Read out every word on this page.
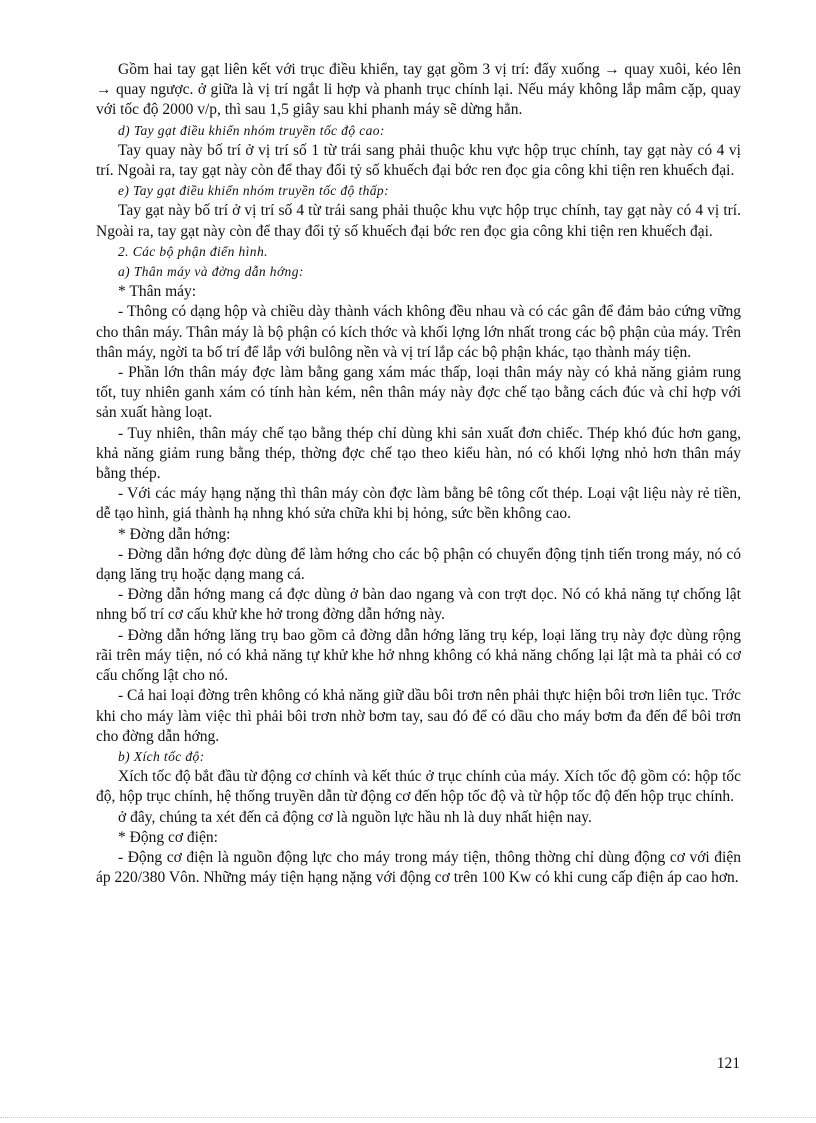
Gồm hai tay gạt liên kết với trục điều khiển, tay gạt gồm 3 vị trí: đẩy xuống → quay xuôi, kéo lên → quay ngược. ở giữa là vị trí ngắt li hợp và phanh trục chính lại. Nếu máy không lắp mâm cặp, quay với tốc độ 2000 v/p, thì sau 1,5 giây sau khi phanh máy sẽ dừng hẳn.

d) Tay gạt điều khiển nhóm truyền tốc độ cao:

Tay quay này bố trí ở vị trí số 1 từ trái sang phải thuộc khu vực hộp trục chính, tay gạt này có 4 vị trí. Ngoài ra, tay gạt này còn để thay đổi tỷ số khuếch đại bớc ren đọc gia công khi tiện ren khuếch đại.

e) Tay gạt điều khiển nhóm truyền tốc độ thấp:

Tay gạt này bố trí ở vị trí số 4 từ trái sang phải thuộc khu vực hộp trục chính, tay gạt này có 4 vị trí. Ngoài ra, tay gạt này còn để thay đổi tỷ số khuếch đại bớc ren đọc gia công khi tiện ren khuếch đại.

2. Các bộ phận điển hình.

a) Thân máy và đờng dẫn hớng:

* Thân máy:

- Thông có dạng hộp và chiều dày thành vách không đều nhau và có các gân để đảm bảo cứng vững cho thân máy. Thân máy là bộ phận có kích thớc và khối lợng lớn nhất trong các bộ phận của máy. Trên thân máy, ngời ta bố trí để lắp với bulông nền và vị trí lắp các bộ phận khác, tạo thành máy tiện.

- Phần lớn thân máy đợc làm bằng gang xám mác thấp, loại thân máy này có khả năng giảm rung tốt, tuy nhiên ganh xám có tính hàn kém, nên thân máy này đợc chế tạo bằng cách đúc và chỉ hợp với sản xuất hàng loạt.

- Tuy nhiên, thân máy chế tạo bằng thép chỉ dùng khi sản xuất đơn chiếc. Thép khó đúc hơn gang, khả năng giảm rung bằng thép, thờng đợc chế tạo theo kiểu hàn, nó có khối lợng nhỏ hơn thân máy bằng thép.

- Với các máy hạng nặng thì thân máy còn đợc làm bằng bê tông cốt thép. Loại vật liệu này rẻ tiền, dễ tạo hình, giá thành hạ nhng khó sửa chữa khi bị hỏng, sức bền không cao.

* Đờng dẫn hớng:

- Đờng dẫn hớng đợc dùng để làm hớng cho các bộ phận có chuyển động tịnh tiến trong máy, nó có dạng lăng trụ hoặc dạng mang cá.

- Đờng dẫn hớng mang cá đợc dùng ở bàn dao ngang và con trợt dọc. Nó có khả năng tự chống lật nhng bố trí cơ cấu khử khe hở trong đờng dẫn hớng này.

- Đờng dẫn hớng lăng trụ bao gồm cả đờng dẫn hớng lăng trụ kép, loại lăng trụ này đợc dùng rộng rãi trên máy tiện, nó có khả năng tự khử khe hở nhng không có khả năng chống lại lật mà ta phải có cơ cấu chống lật cho nó.

- Cả hai loại đờng trên không có khả năng giữ dầu bôi trơn nên phải thực hiện bôi trơn liên tục. Trớc khi cho máy làm việc thì phải bôi trơn nhờ bơm tay, sau đó để có dầu cho máy bơm đa đến để bôi trơn cho đờng dẫn hớng.

b) Xích tốc độ:

Xích tốc độ bắt đầu từ động cơ chính và kết thúc ở trục chính của máy. Xích tốc độ gồm có: hộp tốc độ, hộp trục chính, hệ thống truyền dẫn từ động cơ đến hộp tốc độ và từ hộp tốc độ đến hộp trục chính.

ở đây, chúng ta xét đến cả động cơ là nguồn lực hầu nh là duy nhất hiện nay.

* Động cơ điện:

- Động cơ điện là nguồn động lực cho máy trong máy tiện, thông thờng chỉ dùng động cơ với điện áp 220/380 Vôn. Những máy tiện hạng nặng với động cơ trên 100 Kw có khi cung cấp điện áp cao hơn.

121
